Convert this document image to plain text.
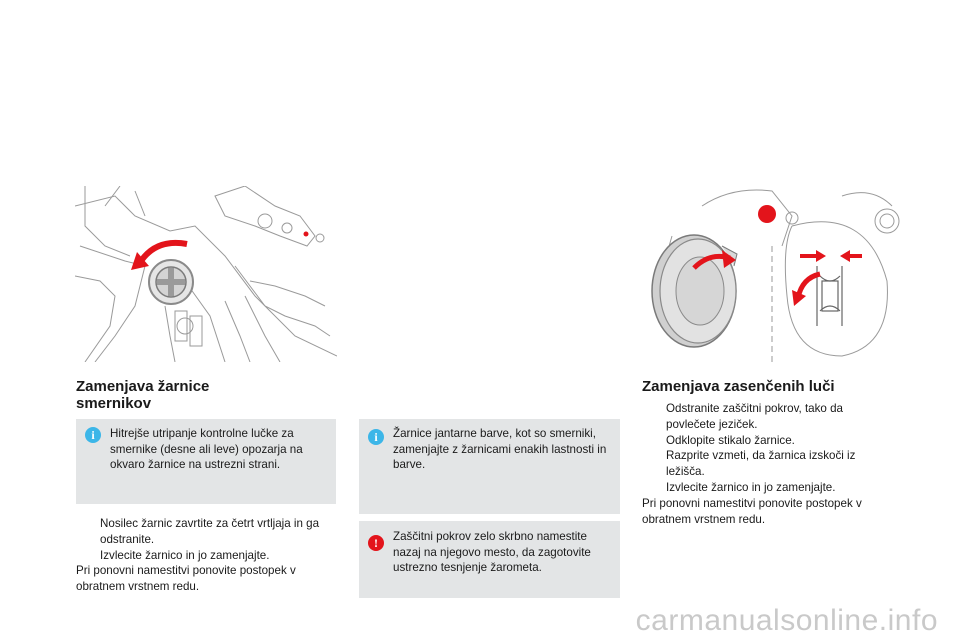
Zamenjava žarnice
smernikov
i	Hitrejše utripanje kontrolne lučke za smernike (desne ali leve) opozarja na okvaro žarnice na ustrezni strani.
Nosilec žarnic zavrtite za četrt vrtljaja in ga odstranite.
Izvlecite žarnico in jo zamenjajte.
Pri ponovni namestitvi ponovite postopek v obratnem vrstnem redu.
i	Žarnice jantarne barve, kot so smerniki, zamenjajte z žarnicami enakih lastnosti in barve.
!	Zaščitni pokrov zelo skrbno namestite nazaj na njegovo mesto, da zagotovite ustrezno tesnjenje žarometa.
Zamenjava zasenčenih luči
Odstranite zaščitni pokrov, tako da povlečete jeziček.
Odklopite stikalo žarnice.
Razprite vzmeti, da žarnica izskoči iz ležišča.
Izvlecite žarnico in jo zamenjajte.
Pri ponovni namestitvi ponovite postopek v obratnem vrstnem redu.
carmanualsonline.info
